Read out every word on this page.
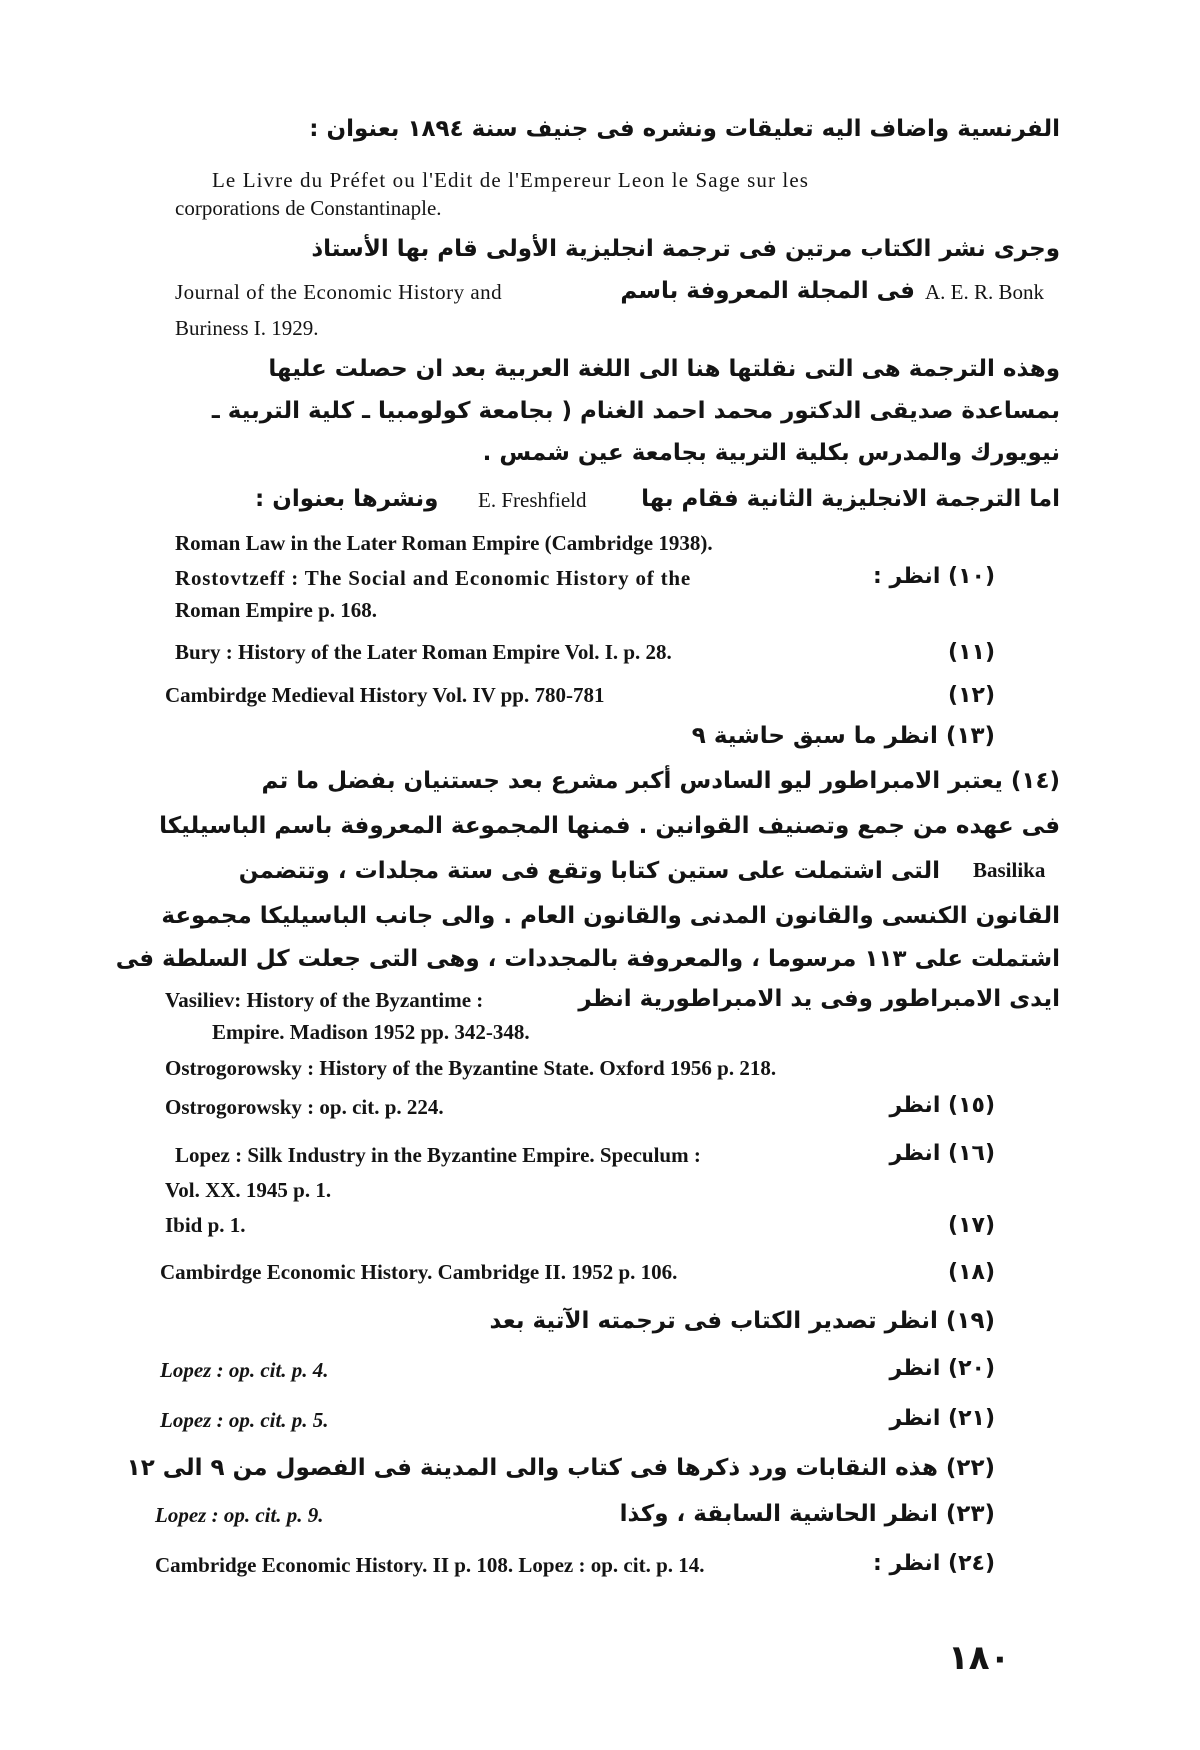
الفرنسية واضاف اليه تعليقات ونشره فى جنيف سنة ١٨٩٤ بعنوان :
Le Livre du Préfet ou l'Edit de l'Empereur Leon le Sage sur les
corporations de Constantinaple.
وجرى نشر الكتاب مرتين فى ترجمة انجليزية الأولى قام بها الأستاذ
Journal of the Economic History and	فى المجلة المعروفة باسم A. E. R. Bonk
Buriness I. 1929.
وهذه الترجمة هى التى نقلتها هنا الى اللغة العربية بعد ان حصلت عليها
بمساعدة صديقى الدكتور محمد احمد الغنام ( بجامعة كولومبيا ـ كلية التربية ـ
نيويورك والمدرس بكلية التربية بجامعة عين شمس .
اما الترجمة الانجليزية الثانية فقام بها
E. Freshfield
ونشرها بعنوان :
Roman Law in the Later Roman Empire (Cambridge 1938).
Rostovtzeff : The Social and Economic History of the	(١٠) انظر :
Roman Empire p. 168.
Bury : History of the Later Roman Empire Vol. I. p. 28.	(١١)
Cambirdge Medieval History Vol. IV pp. 780-781	(١٢)
(١٣) انظر ما سبق حاشية ٩
(١٤) يعتبر الامبراطور ليو السادس أكبر مشرع بعد جستنيان بفضل ما تم
فى عهده من جمع وتصنيف القوانين . فمنها المجموعة المعروفة باسم الباسيليكا
التى اشتملت على ستين كتابا وتقع فى ستة مجلدات ، وتتضمن Basilika
القانون الكنسى والقانون المدنى والقانون العام . والى جانب الباسيليكا مجموعة
اشتملت على ١١٣ مرسوما ، والمعروفة بالمجددات ، وهى التى جعلت كل السلطة فى
Vasiliev: History of the Byzantime :	ايدى الامبراطور وفى يد الامبراطورية انظر
Empire. Madison 1952 pp. 342-348.
Ostrogorowsky : History of the Byzantine State. Oxford 1956 p. 218.
Ostrogorowsky : op. cit. p. 224.	(١٥) انظر
Lopez : Silk Industry in the Byzantine Empire. Speculum :	(١٦) انظر
Vol. XX. 1945 p. 1.
Ibid p. 1.	(١٧)
Cambirdge Economic History. Cambridge II. 1952 p. 106.	(١٨)
(١٩) انظر تصدير الكتاب فى ترجمته الآتية بعد
Lopez : op. cit. p. 4.	(٢٠) انظر
Lopez : op. cit. p. 5.	(٢١) انظر
(٢٢) هذه النقابات ورد ذكرها فى كتاب والى المدينة فى الفصول من ٩ الى ١٢
Lopez : op. cit. p. 9.	(٢٣) انظر الحاشية السابقة ، وكذا
Cambridge Economic History. II p. 108. Lopez : op. cit. p. 14.	(٢٤) انظر :
١٨٠
